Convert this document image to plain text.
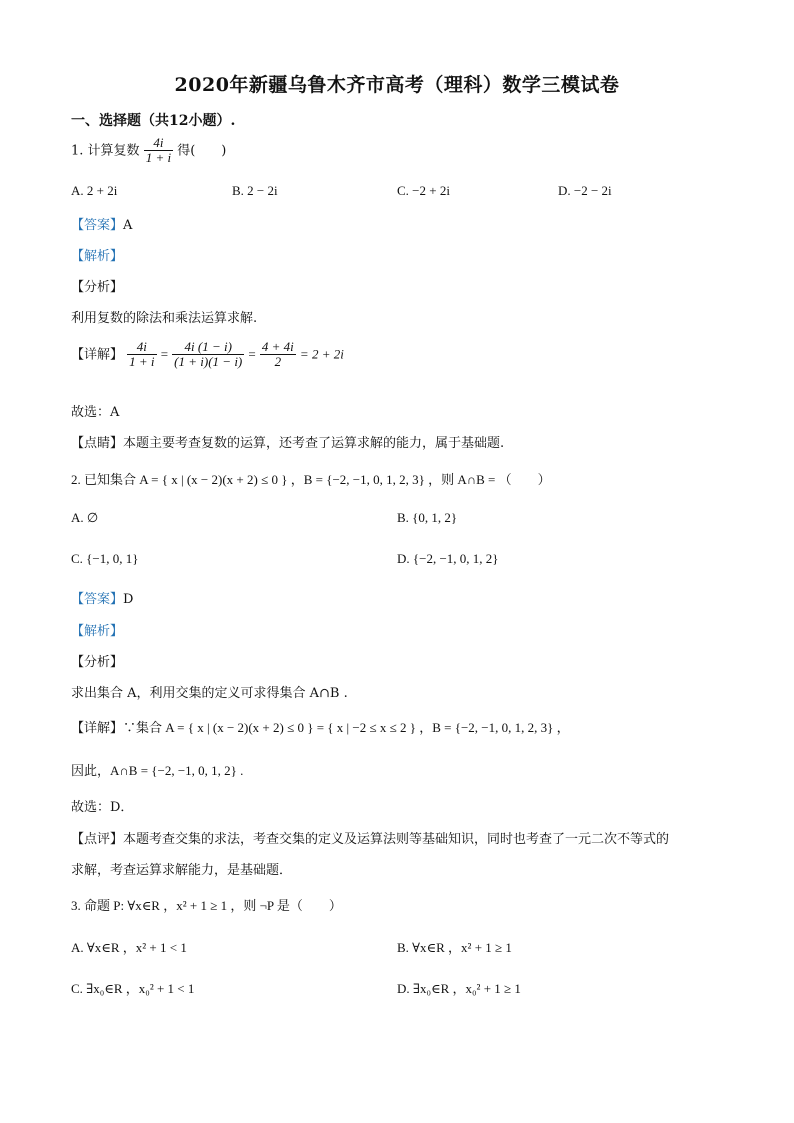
2020年新疆乌鲁木齐市高考（理科）数学三模试卷
一、选择题（共12小题）.
1. 计算复数 $\frac{4i}{1 + i}$ 得(　　)
A. 2 + 2i	B. 2 − 2i	C. −2 + 2i	D. −2 − 2i
【答案】A
【解析】
【分析】
利用复数的除法和乘法运算求解.
【详解】 $\frac{4i}{1 + i} = \frac{4i (1 - i)}{(1 + i)(1 - i)} = \frac{4 + 4i}{2} = 2 + 2i$
故选：A
【点睛】本题主要考查复数的运算，还考查了运算求解的能力，属于基础题.
2. 已知集合 A = { x | (x − 2)(x + 2) ≤ 0 } ，B = {−2, −1, 0, 1, 2, 3} ，则 A∩B = （　　）
A. ∅	B. {0, 1, 2}
C. {−1, 0, 1}	D. {−2, −1, 0, 1, 2}
【答案】D
【解析】
【分析】
求出集合 A，利用交集的定义可求得集合 A∩B .
【详解】∵集合 A = { x | (x − 2)(x + 2) ≤ 0 } = { x | −2 ≤ x ≤ 2 } ，B = {−2, −1, 0, 1, 2, 3} ，
因此，A∩B = {−2, −1, 0, 1, 2} .
故选：D．
【点评】本题考查交集的求法，考查交集的定义及运算法则等基础知识，同时也考查了一元二次不等式的
求解，考查运算求解能力，是基础题．
3. 命题 P: ∀x∈R ，x² + 1 ≥ 1 ，则 ¬P 是（　　）
A. ∀x∈R ，x² + 1 < 1	B. ∀x∈R ，x² + 1 ≥ 1
C. ∃x₀∈R ，x₀² + 1 < 1	D. ∃x₀∈R ，x₀² + 1 ≥ 1
